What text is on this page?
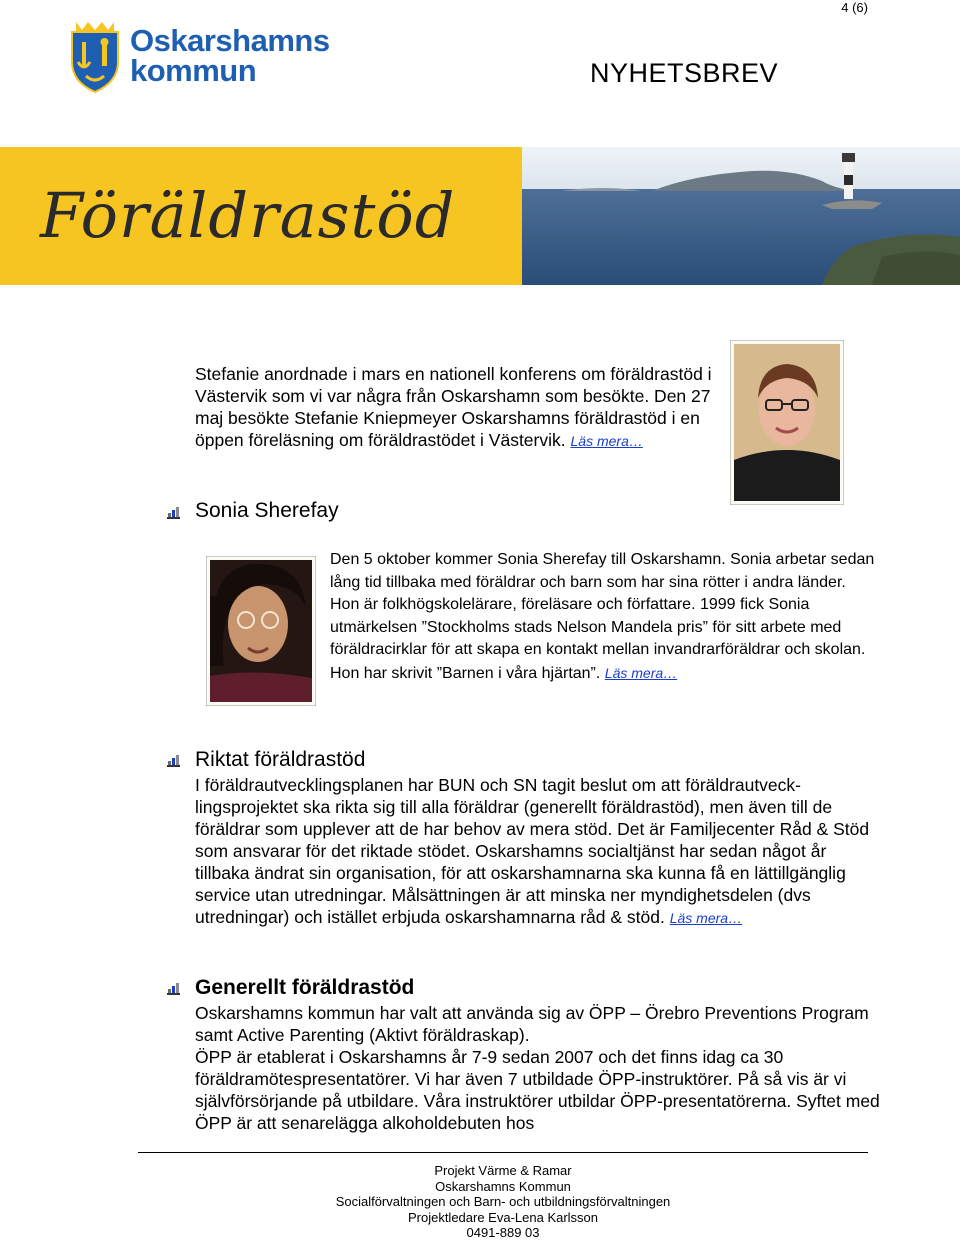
4 (6)
Oskarshamns
kommun	NYHETSBREV
Föräldrastöd
Stefanie anordnade i mars en nationell konferens om föräldrastöd i Västervik som vi var några från Oskarshamn som besökte. Den 27 maj besökte Stefanie Kniepmeyer Oskarshamns föräldrastöd i en öppen föreläsning om föräldrastödet i Västervik. Läs mera…
Sonia Sherefay
Den 5 oktober kommer Sonia Sherefay till Oskarshamn. Sonia arbetar sedan lång tid tillbaka med föräldrar och barn som har sina rötter i andra länder. Hon är folkhögskolelärare, föreläsare och författare. 1999 fick Sonia utmärkelsen ”Stockholms stads Nelson Mandela pris” för sitt arbete med föräldracirklar för att skapa en kontakt mellan invandrarföräldrar och skolan. Hon har skrivit ”Barnen i våra hjärtan”. Läs mera…
Riktat föräldrastöd
I föräldrautvecklingsplanen har BUN och SN tagit beslut om att föräldrautveck-lingsprojektet ska rikta sig till alla föräldrar (generellt föräldrastöd), men även till de föräldrar som upplever att de har behov av mera stöd. Det är Familjecenter Råd & Stöd som ansvarar för det riktade stödet. Oskarshamns socialtjänst har sedan något år tillbaka ändrat sin organisation, för att oskarshamnarna ska kunna få en lättillgänglig service utan utredningar. Målsättningen är att minska ner myndighetsdelen (dvs utredningar) och istället erbjuda oskarshamnarna råd & stöd. Läs mera…
Generellt föräldrastöd
Oskarshamns kommun har valt att använda sig av ÖPP – Örebro Preventions Program samt Active Parenting (Aktivt föräldraskap).
ÖPP är etablerat i Oskarshamns år 7-9 sedan 2007 och det finns idag ca 30 föräldramötespresentatörer. Vi har även 7 utbildade ÖPP-instruktörer. På så vis är vi självförsörjande på utbildare. Våra instruktörer utbildar ÖPP-presentatörerna. Syftet med ÖPP är att senarelägga alkoholdebuten hos
Projekt Värme & Ramar
Oskarshamns Kommun
Socialförvaltningen och Barn- och utbildningsförvaltningen
Projektledare Eva-Lena Karlsson
0491-889 03
